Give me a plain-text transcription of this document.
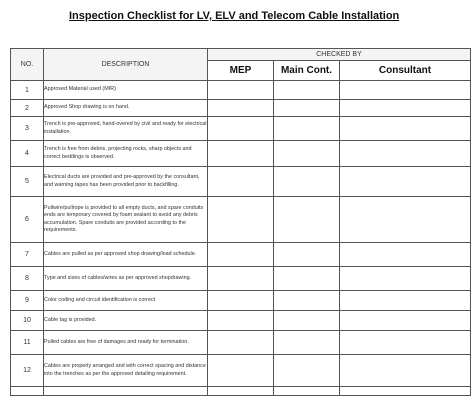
Inspection Checklist for LV, ELV and Telecom Cable Installation
NO.	DESCRIPTION	CHECKED BY		
		MEP	Main Cont.	Consultant
1	Approved Material used (MIR)			
2	Approved Shop drawing is on hand.			
3	Trench is pre-approved, hand-overed by civil and ready for electrical installation.			
4	Trench is free from debris, projecting rocks, sharp objects and correct beddings is observed.			
5	Electrical ducts are provided and pre-approved by the consultant, and warning tapes has been provided prior to backfilling.			
6	Pullwire/pullrope is provided to all empty ducts, and spare conduits ends are temporary covered by foam sealant to avoid any debris accumulation. Spare conduits are provided according to the requirements.			
7	Cables are pulled as per approved shop drawing/load schedule.			
8	Type and sizes of cables/wires as per approved shopdrawing.			
9	Color coding and circuit identification is correct			
10	Cable tag is provided.			
11	Pulled cables are free of damages and ready for termination.			
12	Cables are properly arranged and with correct spacing and distance into the trenches as per the approved detailing requirement.			
